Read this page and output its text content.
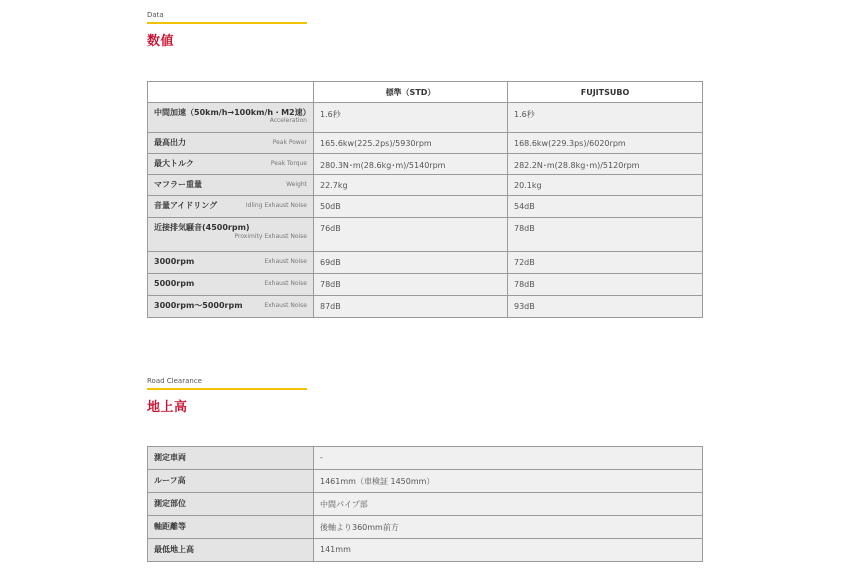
Data
数値
	標準（STD）	FUJITSUBO
中間加速（50km/h→100km/h・M2速）
Acceleration	1.6秒	1.6秒
最高出力 Peak Power	165.6kw(225.2ps)/5930rpm	168.6kw(229.3ps)/6020rpm
最大トルク Peak Torque	280.3N･m(28.6kg･m)/5140rpm	282.2N･m(28.8kg･m)/5120rpm
マフラー重量 Weight	22.7kg	20.1kg
音量アイドリング Idling Exhaust Noise	50dB	54dB

近接排気騒音(4500rpm)
Proximity Exhaust Noise	76dB	78dB
3000rpm Exhaust Noise	69dB	72dB
5000rpm Exhaust Noise	78dB	78dB
3000rpm～5000rpm Exhaust Noise	87dB	93dB
Road Clearance
地上高
測定車両	-
ルーフ高	1461mm（車検証 1450mm）
測定部位	中間パイプ部
軸距離等	後軸より360mm前方
最低地上高	141mm
